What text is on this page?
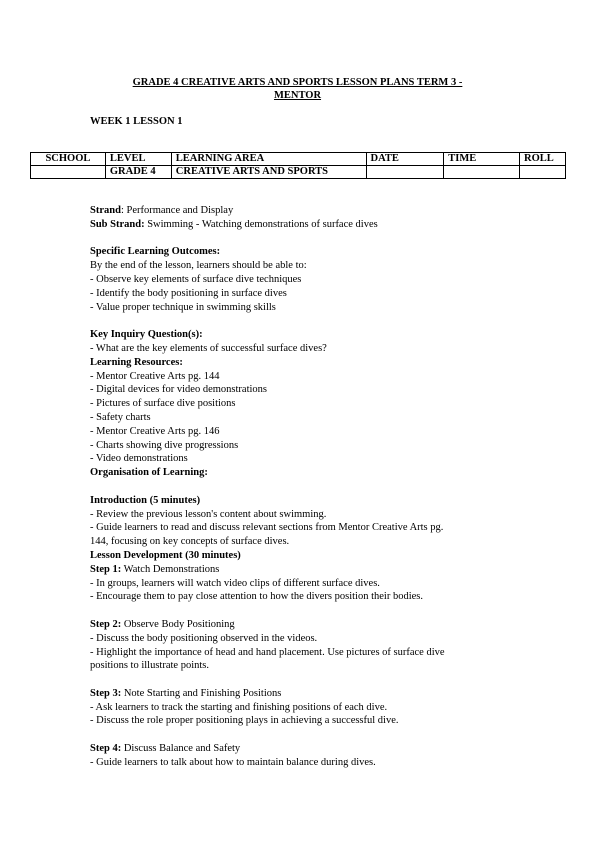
GRADE 4 CREATIVE ARTS AND SPORTS LESSON PLANS TERM 3 -
MENTOR
WEEK 1 LESSON 1
SCHOOL	LEVEL	LEARNING AREA	DATE	TIME	ROLL
	GRADE 4	CREATIVE ARTS AND SPORTS			

Strand: Performance and Display

Sub Strand: Swimming - Watching demonstrations of surface dives

Specific Learning Outcomes:

By the end of the lesson, learners should be able to:

- Observe key elements of surface dive techniques

- Identify the body positioning in surface dives

- Value proper technique in swimming skills

Key Inquiry Question(s):

- What are the key elements of successful surface dives?

Learning Resources:

- Mentor Creative Arts pg. 144

- Digital devices for video demonstrations

- Pictures of surface dive positions

- Safety charts

- Mentor Creative Arts pg. 146

- Charts showing dive progressions

- Video demonstrations

Organisation of Learning:

Introduction (5 minutes)

- Review the previous lesson's content about swimming.

- Guide learners to read and discuss relevant sections from Mentor Creative Arts pg.

144, focusing on key concepts of surface dives.

Lesson Development (30 minutes)

Step 1: Watch Demonstrations

- In groups, learners will watch video clips of different surface dives.

- Encourage them to pay close attention to how the divers position their bodies.

Step 2: Observe Body Positioning

- Discuss the body positioning observed in the videos.

- Highlight the importance of head and hand placement. Use pictures of surface dive

positions to illustrate points.

Step 3: Note Starting and Finishing Positions

- Ask learners to track the starting and finishing positions of each dive.

- Discuss the role proper positioning plays in achieving a successful dive.

Step 4: Discuss Balance and Safety

- Guide learners to talk about how to maintain balance during dives.
